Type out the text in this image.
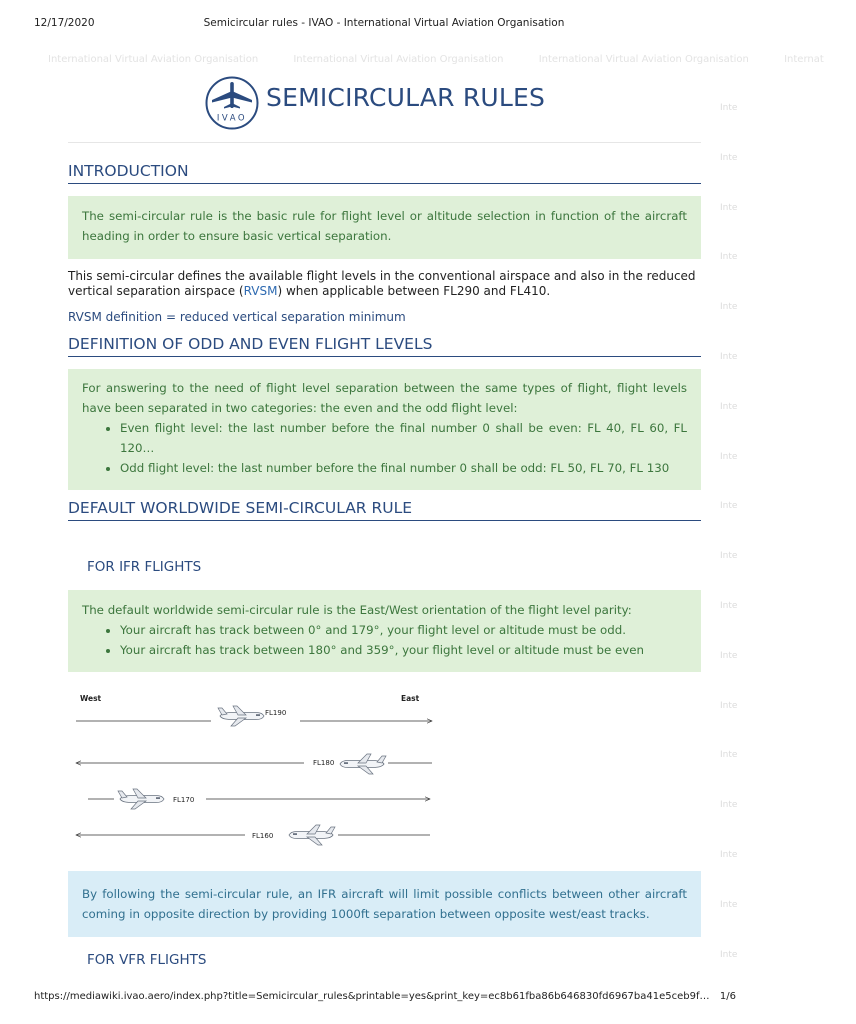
12/17/2020	Semicircular rules - IVAO - International Virtual Aviation Organisation
International Virtual Aviation Organisation	International Virtual Aviation Organisation	International Virtual Aviation Organisation	Internat
Inte
Inte
Inte
Inte
Inte
Inte
Inte
Inte
Inte
Inte
Inte
Inte
Inte
Inte
Inte
Inte
Inte
Inte
IVAO
SEMICIRCULAR RULES
INTRODUCTION
The semi-circular rule is the basic rule for flight level or altitude selection in function of the aircraft heading in order to ensure basic vertical separation.
This semi-circular defines the available flight levels in the conventional airspace and also in the reduced vertical separation airspace (RVSM) when applicable between FL290 and FL410.
RVSM definition = reduced vertical separation minimum
DEFINITION OF ODD AND EVEN FLIGHT LEVELS
For answering to the need of flight level separation between the same types of flight, flight levels have been separated in two categories: the even and the odd flight level:
• Even flight level: the last number before the final number 0 shall be even: FL 40, FL 60, FL 120…
• Odd flight level: the last number before the final number 0 shall be odd: FL 50, FL 70, FL 130
DEFAULT WORLDWIDE SEMI-CIRCULAR RULE
FOR IFR FLIGHTS
The default worldwide semi-circular rule is the East/West orientation of the flight level parity:
• Your aircraft has track between 0° and 179°, your flight level or altitude must be odd.
• Your aircraft has track between 180° and 359°, your flight level or altitude must be even
West	East
FL190
FL180
FL170
FL160
By following the semi-circular rule, an IFR aircraft will limit possible conflicts between other aircraft coming in opposite direction by providing 1000ft separation between opposite west/east tracks.
FOR VFR FLIGHTS
https://mediawiki.ivao.aero/index.php?title=Semicircular_rules&printable=yes&print_key=ec8b61fba86b646830fd6967ba41e5ceb9f…	1/6
